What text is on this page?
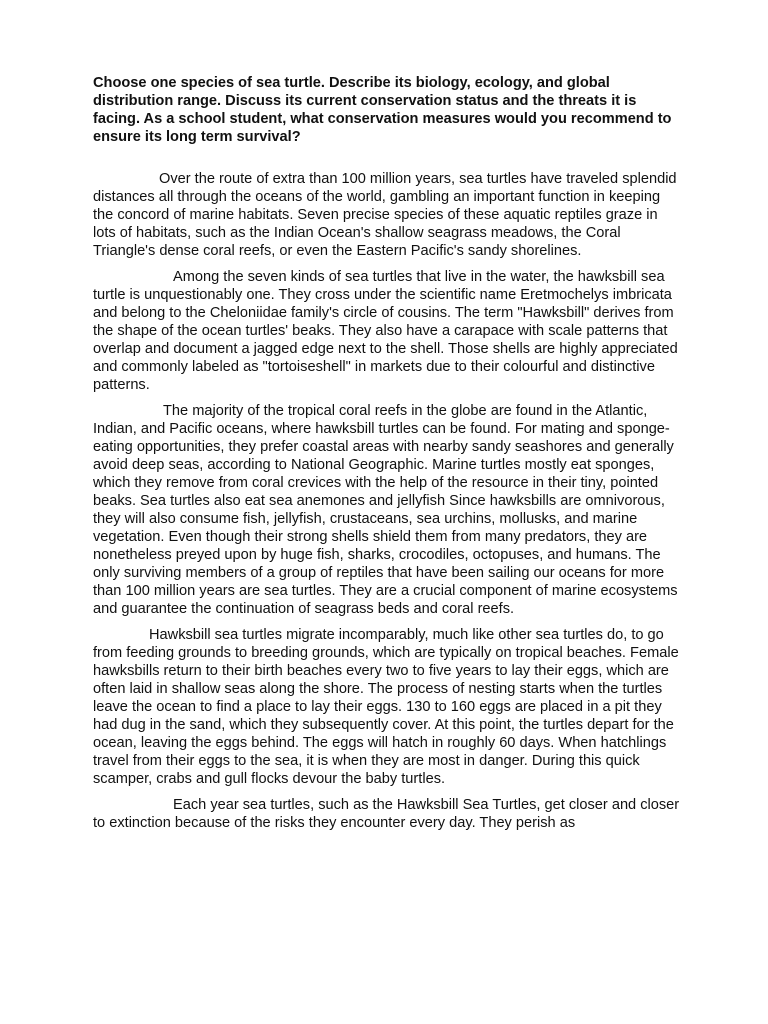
Choose one species of sea turtle. Describe its biology, ecology, and global distribution range. Discuss its current conservation status and the threats it is facing. As a school student, what conservation measures would you recommend to ensure its long term survival?

Over the route of extra than 100 million years, sea turtles have traveled splendid distances all through the oceans of the world, gambling an important function in keeping the concord of marine habitats. Seven precise species of these aquatic reptiles graze in lots of habitats, such as the Indian Ocean's shallow seagrass meadows, the Coral Triangle's dense coral reefs, or even the Eastern Pacific's sandy shorelines.

Among the seven kinds of sea turtles that live in the water, the hawksbill sea turtle is unquestionably one. They cross under the scientific name Eretmochelys imbricata and belong to the Cheloniidae family's circle of cousins. The term "Hawksbill" derives from the shape of the ocean turtles' beaks. They also have a carapace with scale patterns that overlap and document a jagged edge next to the shell. Those shells are highly appreciated and commonly labeled as "tortoiseshell" in markets due to their colourful and distinctive patterns.

The majority of the tropical coral reefs in the globe are found in the Atlantic, Indian, and Pacific oceans, where hawksbill turtles can be found. For mating and sponge-eating opportunities, they prefer coastal areas with nearby sandy seashores and generally avoid deep seas, according to National Geographic. Marine turtles mostly eat sponges, which they remove from coral crevices with the help of the resource in their tiny, pointed beaks. Sea turtles also eat sea anemones and jellyfish Since hawksbills are omnivorous, they will also consume fish, jellyfish, crustaceans, sea urchins, mollusks, and marine vegetation. Even though their strong shells shield them from many predators, they are nonetheless preyed upon by huge fish, sharks, crocodiles, octopuses, and humans. The only surviving members of a group of reptiles that have been sailing our oceans for more than 100 million years are sea turtles. They are a crucial component of marine ecosystems and guarantee the continuation of seagrass beds and coral reefs.

Hawksbill sea turtles migrate incomparably, much like other sea turtles do, to go from feeding grounds to breeding grounds, which are typically on tropical beaches. Female hawksbills return to their birth beaches every two to five years to lay their eggs, which are often laid in shallow seas along the shore. The process of nesting starts when the turtles leave the ocean to find a place to lay their eggs. 130 to 160 eggs are placed in a pit they had dug in the sand, which they subsequently cover. At this point, the turtles depart for the ocean, leaving the eggs behind. The eggs will hatch in roughly 60 days. When hatchlings travel from their eggs to the sea, it is when they are most in danger. During this quick scamper, crabs and gull flocks devour the baby turtles.

Each year sea turtles, such as the Hawksbill Sea Turtles, get closer and closer to extinction because of the risks they encounter every day. They perish as
